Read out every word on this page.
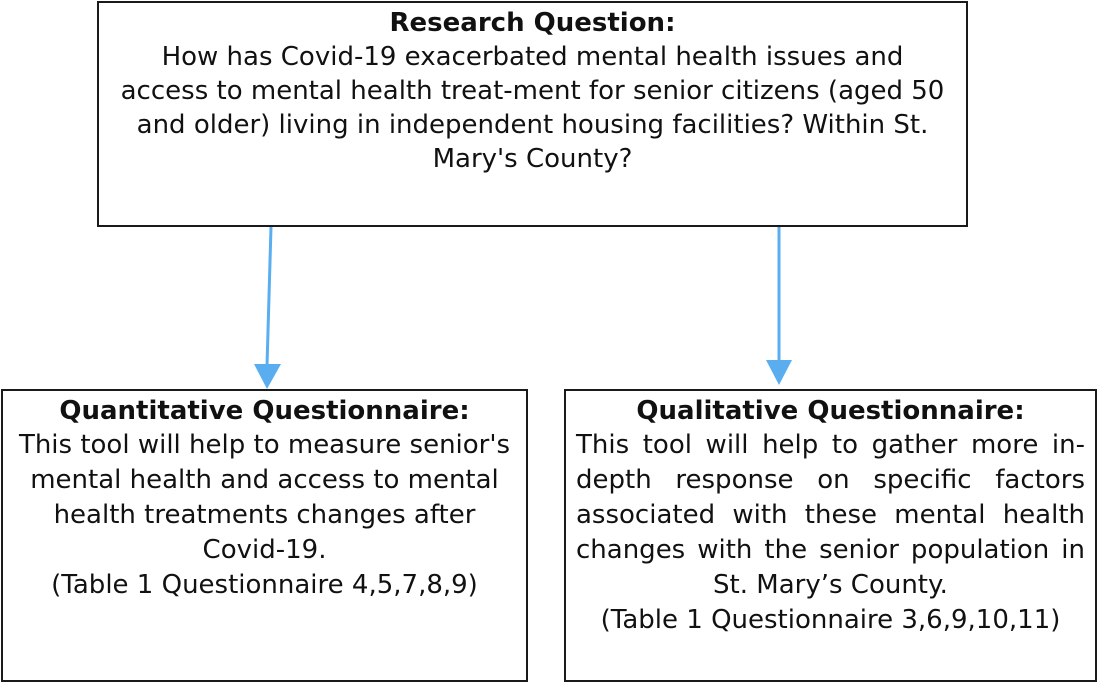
Research Question:
How has Covid-19 exacerbated mental health issues and access to mental health treat-ment for senior citizens (aged 50 and older) living in independent housing facilities? Within St. Mary's County?
Quantitative Questionnaire:
This tool will help to measure senior's mental health and access to mental health treatments changes after Covid-19.
(Table 1 Questionnaire 4,5,7,8,9)
Qualitative Questionnaire:
This tool will help to gather more in-depth response on specific factors associated with these mental health changes with the senior population in St. Mary’s County.
(Table 1 Questionnaire 3,6,9,10,11)
